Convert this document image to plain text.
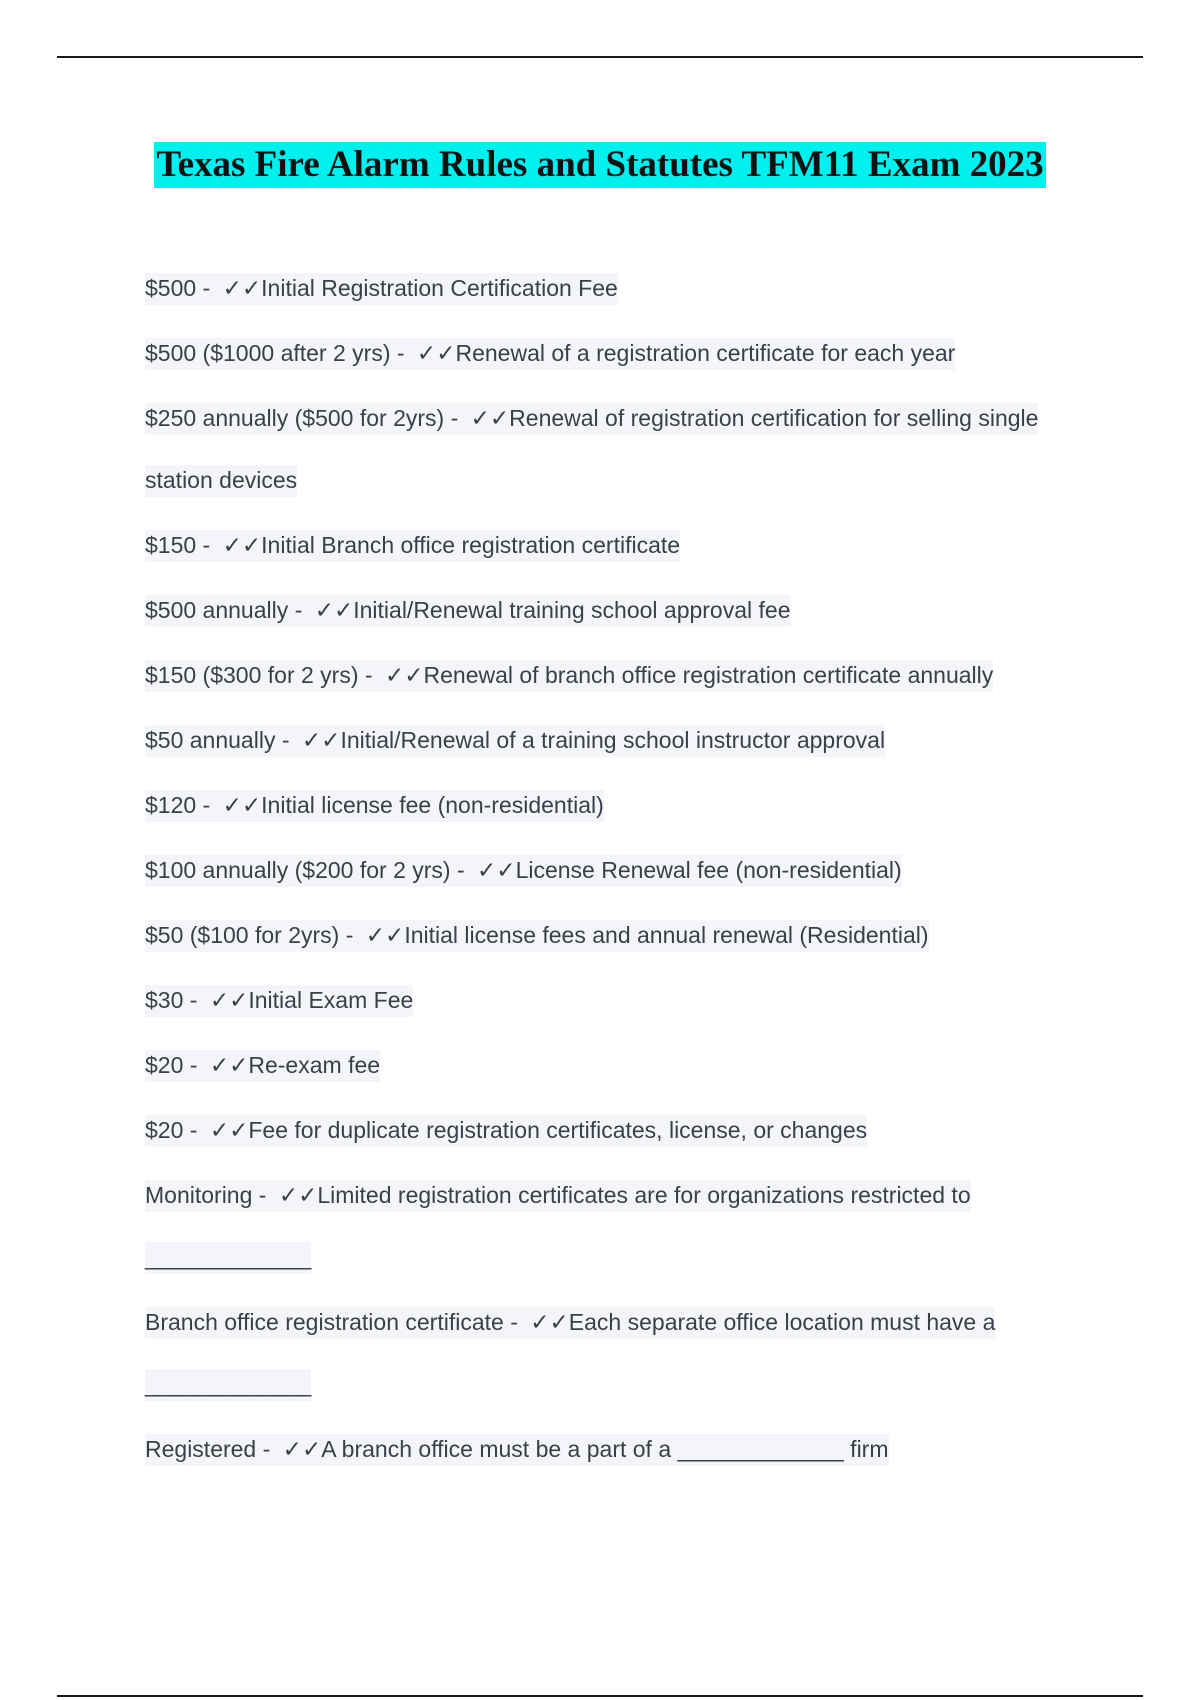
Texas Fire Alarm Rules and Statutes TFM11 Exam 2023
$500 - ✓✓Initial Registration Certification Fee
$500 ($1000 after 2 yrs) - ✓✓Renewal of a registration certificate for each year
$250 annually ($500 for 2yrs) - ✓✓Renewal of registration certification for selling single station devices
$150 - ✓✓Initial Branch office registration certificate
$500 annually - ✓✓Initial/Renewal training school approval fee
$150 ($300 for 2 yrs) - ✓✓Renewal of branch office registration certificate annually
$50 annually - ✓✓Initial/Renewal of a training school instructor approval
$120 - ✓✓Initial license fee (non-residential)
$100 annually ($200 for 2 yrs) - ✓✓License Renewal fee (non-residential)
$50 ($100 for 2yrs) - ✓✓Initial license fees and annual renewal (Residential)
$30 - ✓✓Initial Exam Fee
$20 - ✓✓Re-exam fee
$20 - ✓✓Fee for duplicate registration certificates, license, or changes
Monitoring - ✓✓Limited registration certificates are for organizations restricted to _____________
Branch office registration certificate - ✓✓Each separate office location must have a _____________
Registered - ✓✓A branch office must be a part of a _____________ firm
